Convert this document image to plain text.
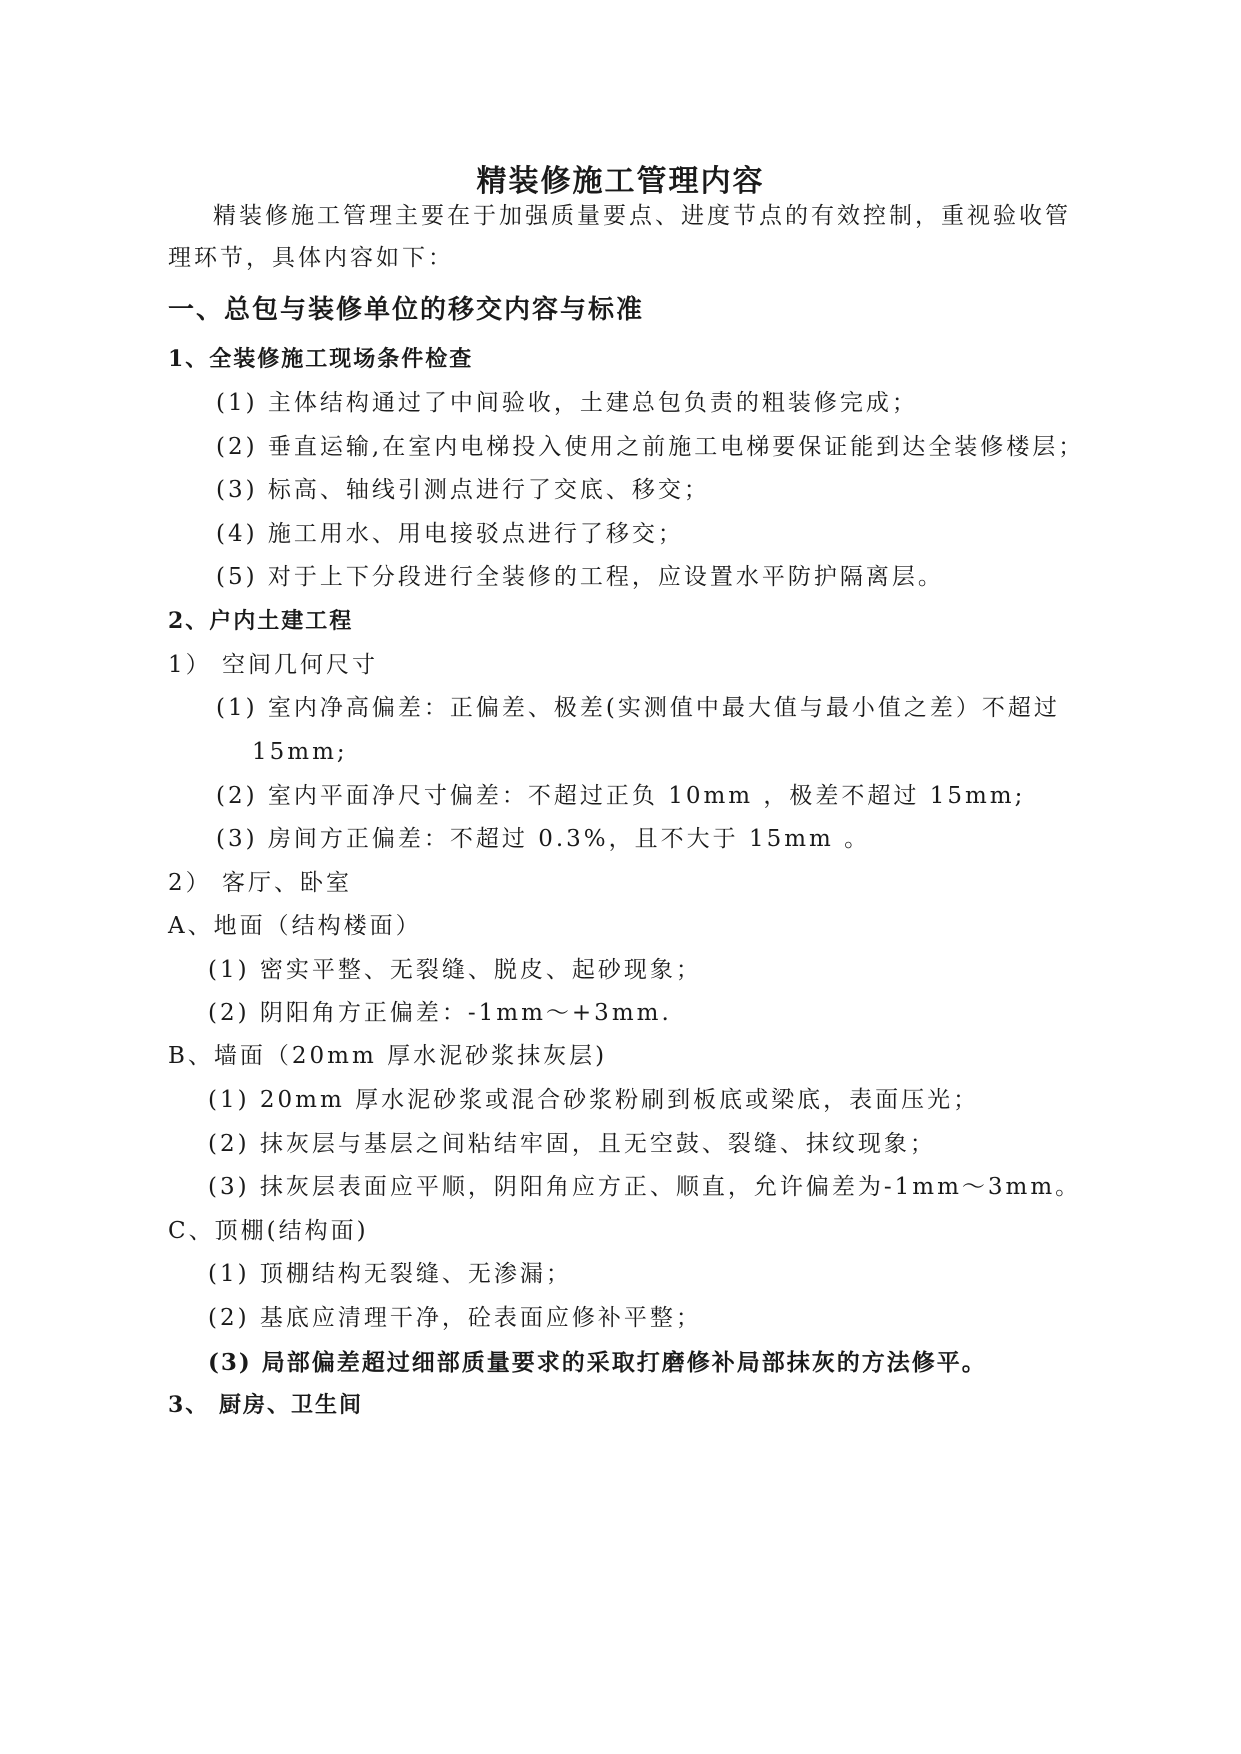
精装修施工管理内容
精装修施工管理主要在于加强质量要点、进度节点的有效控制，重视验收管
理环节，具体内容如下：
一、总包与装修单位的移交内容与标准
1、全装修施工现场条件检查
(1) 主体结构通过了中间验收，土建总包负责的粗装修完成；
(2) 垂直运输,在室内电梯投入使用之前施工电梯要保证能到达全装修楼层；
(3) 标高、轴线引测点进行了交底、移交；
(4) 施工用水、用电接驳点进行了移交；
(5) 对于上下分段进行全装修的工程，应设置水平防护隔离层。
2、户内土建工程
1） 空间几何尺寸
(1) 室内净高偏差：正偏差、极差(实测值中最大值与最小值之差）不超过
15mm;
(2) 室内平面净尺寸偏差：不超过正负 10mm ，极差不超过 15mm;
(3) 房间方正偏差：不超过 0.3%，且不大于 15mm 。
2） 客厅、卧室
A、地面（结构楼面）
(1) 密实平整、无裂缝、脱皮、起砂现象；
(2) 阴阳角方正偏差：-1mm～+3mm.
B、墙面（20mm 厚水泥砂浆抹灰层)
(1) 20mm 厚水泥砂浆或混合砂浆粉刷到板底或梁底，表面压光；
(2) 抹灰层与基层之间粘结牢固，且无空鼓、裂缝、抹纹现象；
(3) 抹灰层表面应平顺，阴阳角应方正、顺直，允许偏差为-1mm～3mm。
C、顶棚(结构面)
(1) 顶棚结构无裂缝、无渗漏；
(2) 基底应清理干净，砼表面应修补平整；
(3) 局部偏差超过细部质量要求的采取打磨修补局部抹灰的方法修平。
3、 厨房、卫生间
